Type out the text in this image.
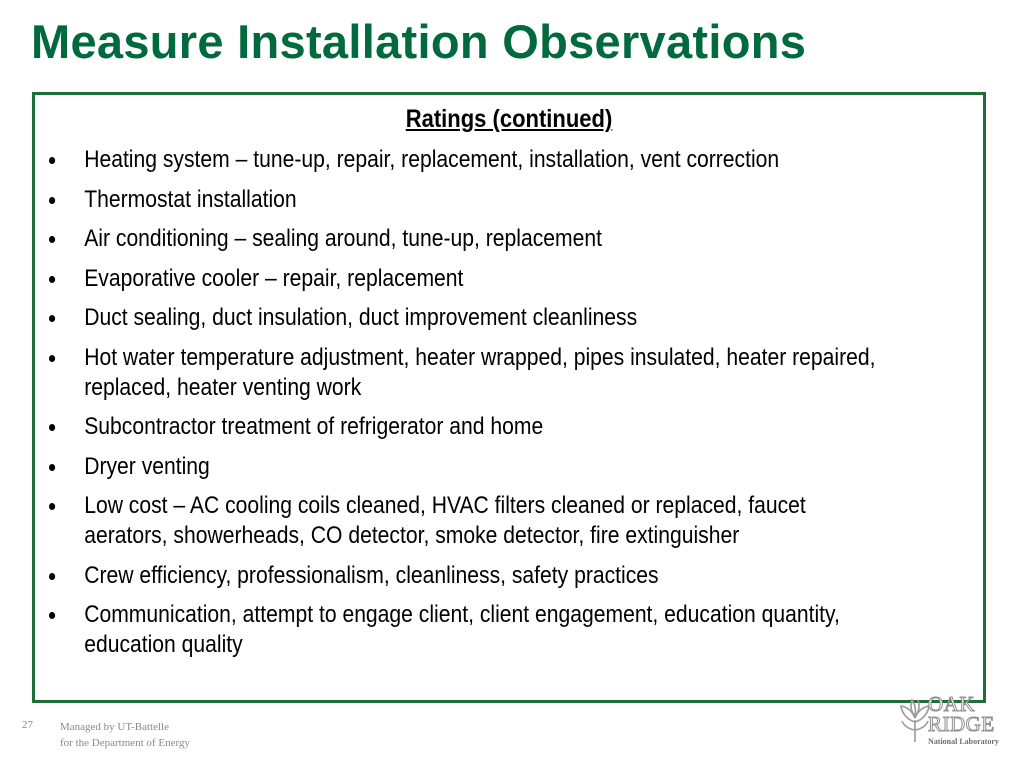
Measure Installation Observations
Ratings (continued)
Heating system – tune-up, repair, replacement, installation, vent correction
Thermostat installation
Air conditioning – sealing around, tune-up, replacement
Evaporative cooler – repair, replacement
Duct sealing, duct insulation, duct improvement cleanliness
Hot water temperature adjustment, heater wrapped, pipes insulated, heater repaired, replaced, heater venting work
Subcontractor treatment of refrigerator and home
Dryer venting
Low cost – AC cooling coils cleaned, HVAC filters cleaned or replaced, faucet aerators, showerheads, CO detector, smoke detector, fire extinguisher
Crew efficiency, professionalism, cleanliness, safety practices
Communication, attempt to engage client, client engagement, education quantity, education quality
27 Managed by UT-Battelle
for the Department of Energy
OAK
RIDGE
National Laboratory
